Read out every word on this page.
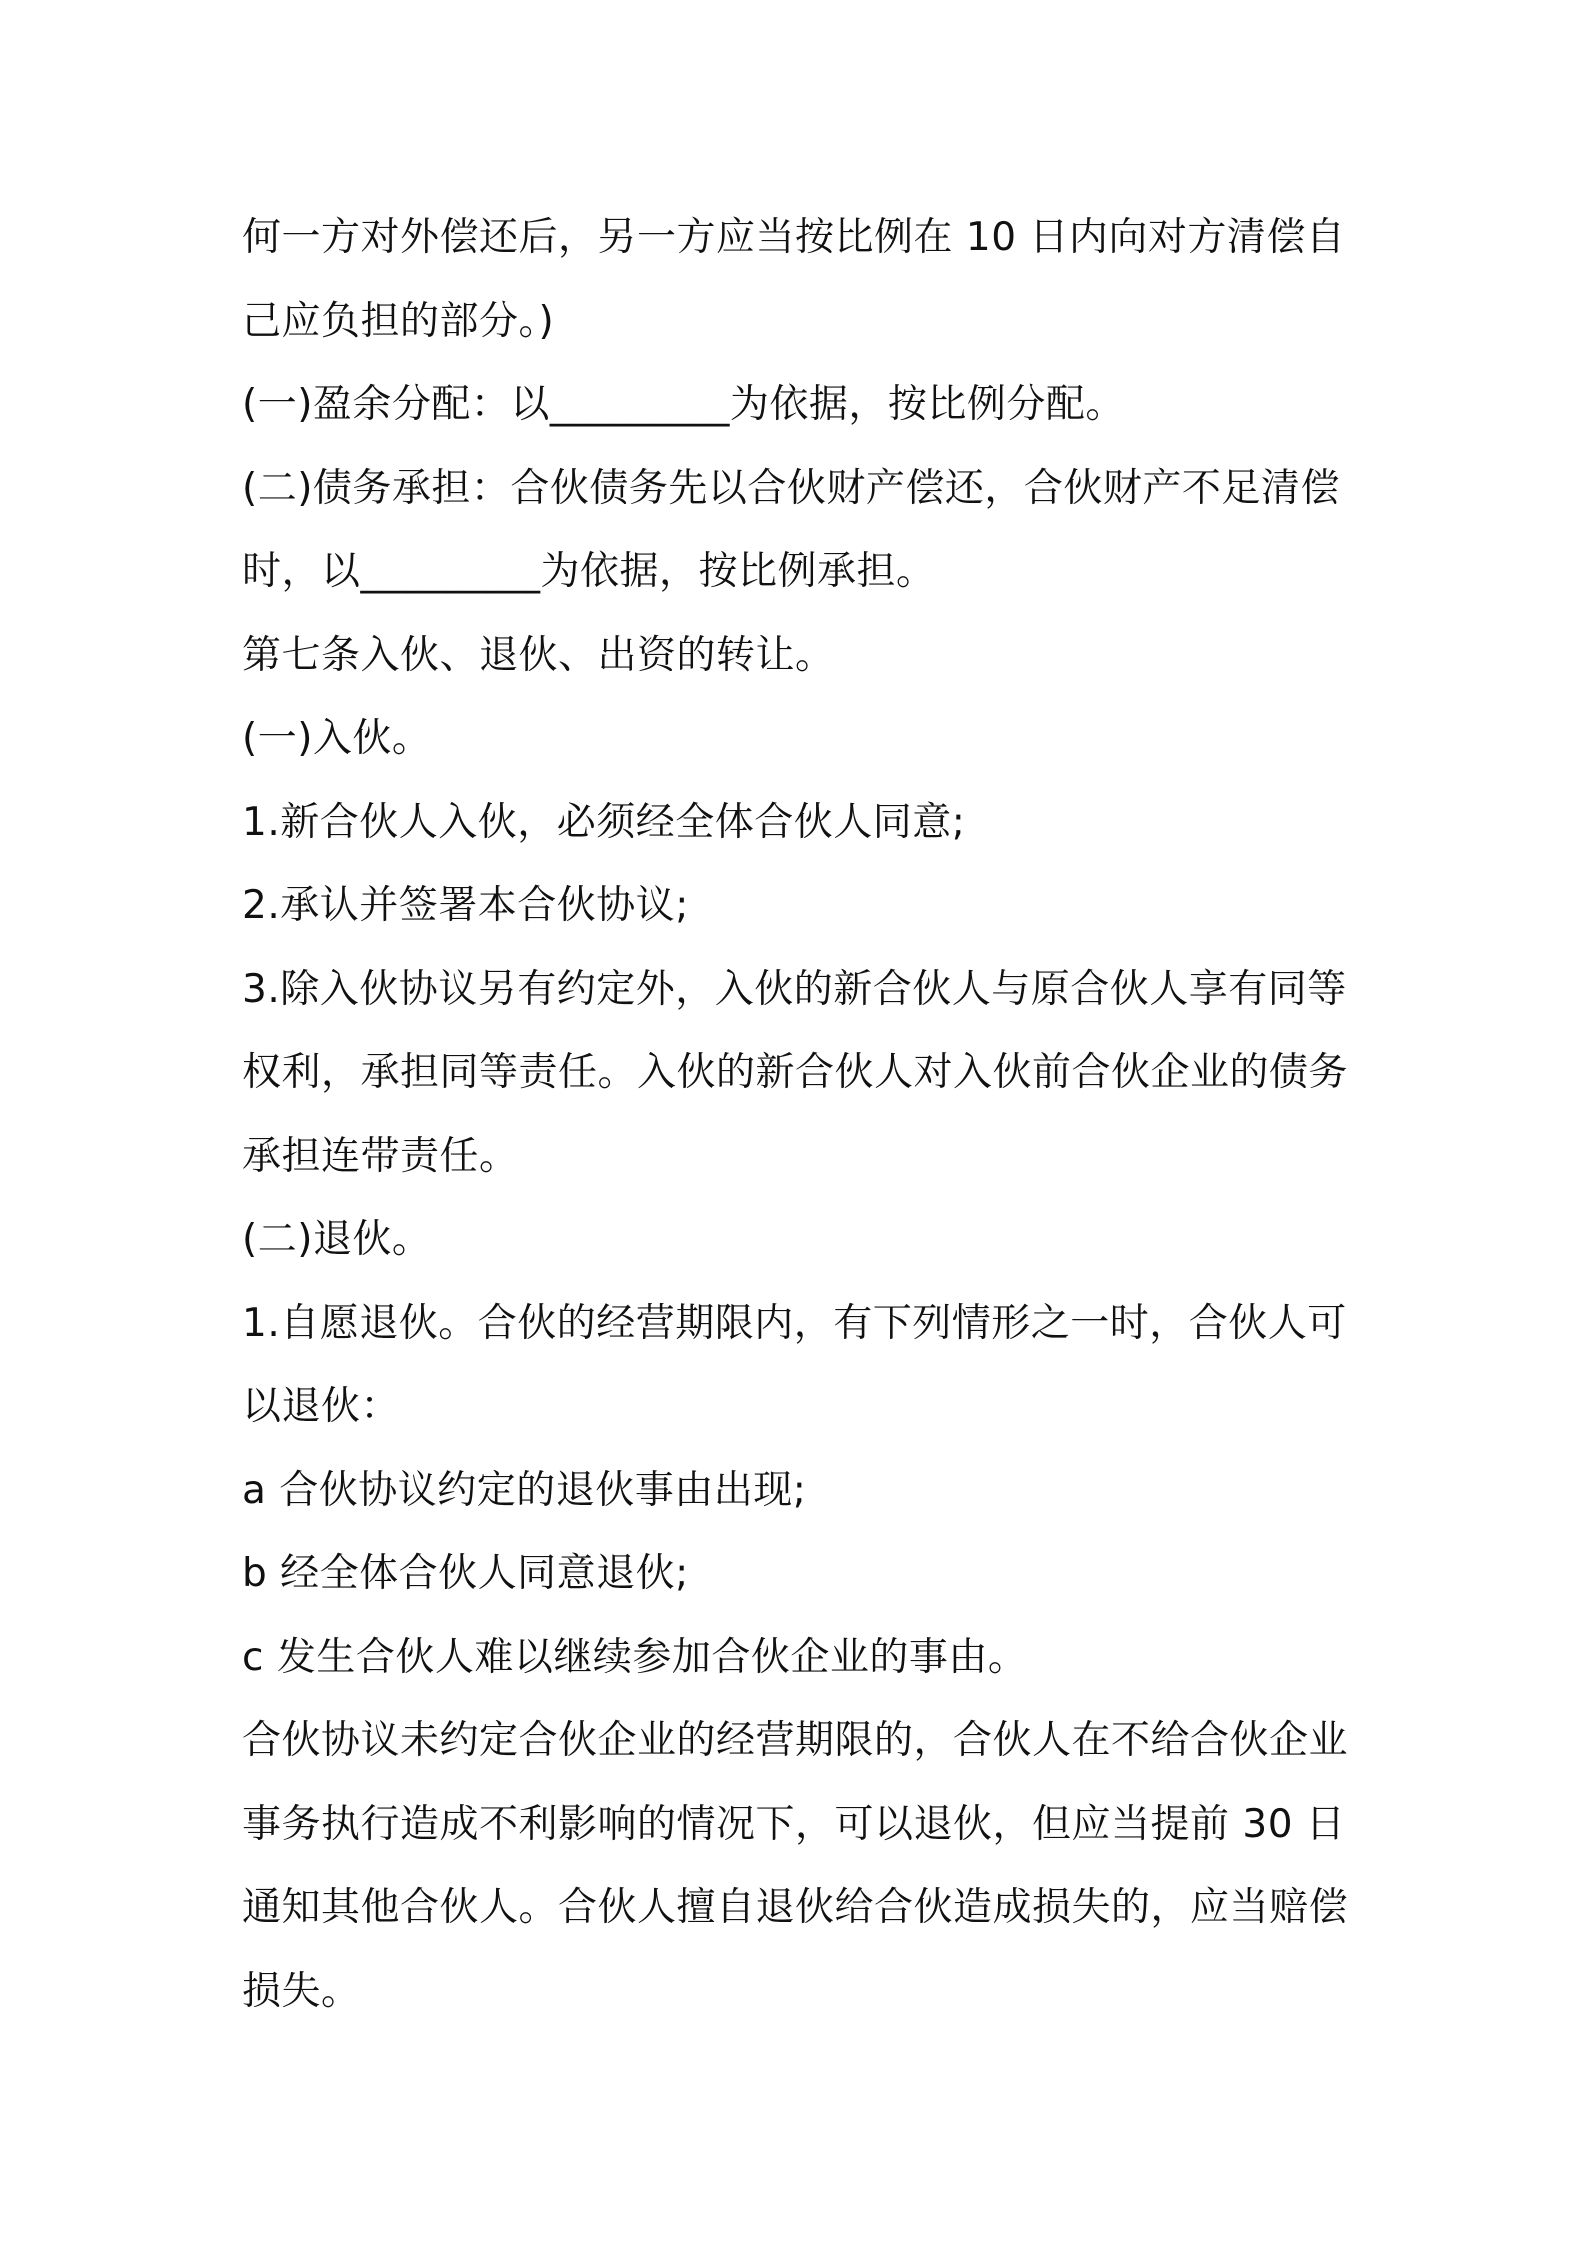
何一方对外偿还后，另一方应当按比例在 10 日内向对方清偿自
己应负担的部分。)
(一)盈余分配：以_________为依据，按比例分配。
(二)债务承担：合伙债务先以合伙财产偿还，合伙财产不足清偿
时，以_________为依据，按比例承担。
第七条入伙、退伙、出资的转让。
(一)入伙。
1.新合伙人入伙，必须经全体合伙人同意;
2.承认并签署本合伙协议;
3.除入伙协议另有约定外，入伙的新合伙人与原合伙人享有同等
权利，承担同等责任。入伙的新合伙人对入伙前合伙企业的债务
承担连带责任。
(二)退伙。
1.自愿退伙。合伙的经营期限内，有下列情形之一时，合伙人可
以退伙：
a 合伙协议约定的退伙事由出现;
b 经全体合伙人同意退伙;
c 发生合伙人难以继续参加合伙企业的事由。
合伙协议未约定合伙企业的经营期限的，合伙人在不给合伙企业
事务执行造成不利影响的情况下，可以退伙，但应当提前 30 日
通知其他合伙人。合伙人擅自退伙给合伙造成损失的，应当赔偿
损失。
